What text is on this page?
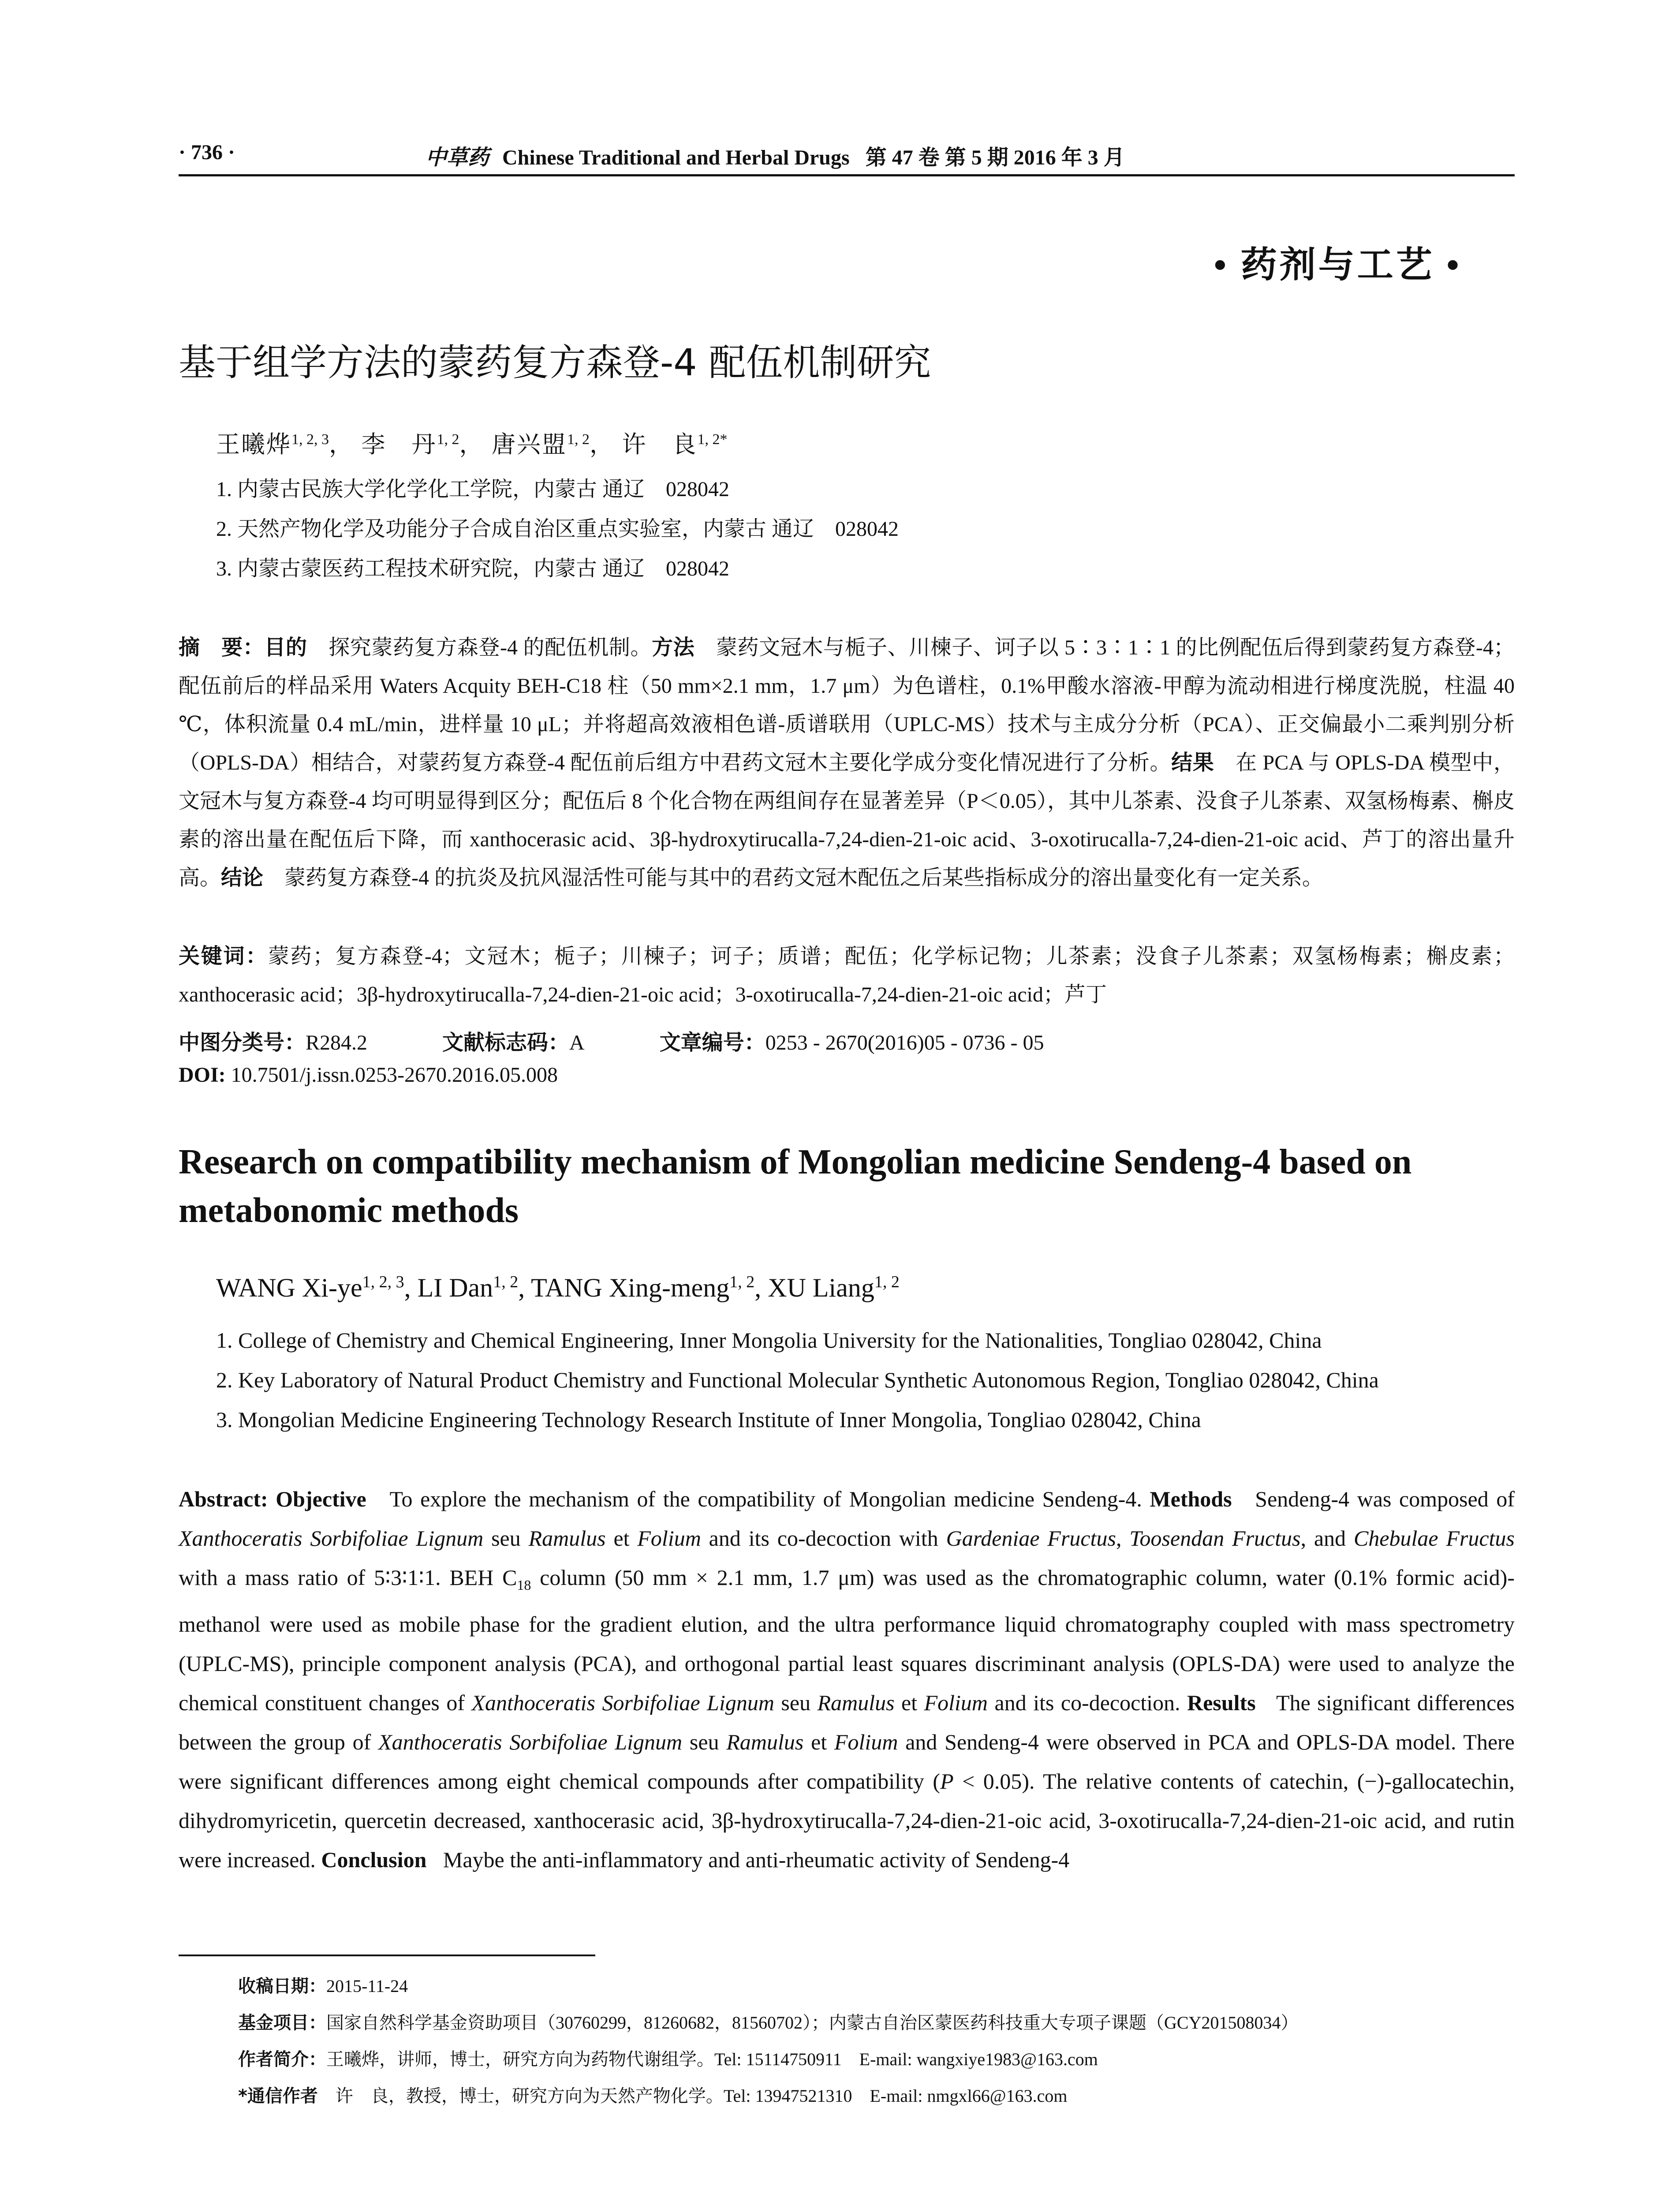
· 736 ·	中草药 Chinese Traditional and Herbal Drugs 第 47 卷 第 5 期 2016 年 3 月
• 药剂与工艺 •
基于组学方法的蒙药复方森登-4 配伍机制研究
王曦烨$^{1, 2, 3}$， 李　丹$^{1, 2}$， 唐兴盟$^{1, 2}$， 许　良$^{1, 2*}$
1. 内蒙古民族大学化学化工学院，内蒙古 通辽　028042
2. 天然产物化学及功能分子合成自治区重点实验室，内蒙古 通辽　028042
3. 内蒙古蒙医药工程技术研究院，内蒙古 通辽　028042

摘　要：目的　 探究蒙药复方森登-4 的配伍机制。方法　 蒙药文冠木与栀子、川楝子、诃子以 5∶3∶1∶1 的比例配伍后得到蒙药复方森登-4；配伍前后的样品采用 Waters Acquity BEH-C18 柱（50 mm×2.1 mm，1.7 μm）为色谱柱，0.1%甲酸水溶液-甲醇为流动相进行梯度洗脱，柱温 40 ℃，体积流量 0.4 mL/min，进样量 10 μL；并将超高效液相色谱-质谱联用（UPLC-MS）技术与主成分分析（PCA）、正交偏最小二乘判别分析（OPLS-DA）相结合，对蒙药复方森登-4 配伍前后组方中君药文冠木主要化学成分变化情况进行了分析。结果　 在 PCA 与 OPLS-DA 模型中，文冠木与复方森登-4 均可明显得到区分；配伍后 8 个化合物在两组间存在显著差异（P＜0.05），其中儿茶素、没食子儿茶素、双氢杨梅素、槲皮素的溶出量在配伍后下降，而 xanthocerasic acid、3β-hydroxytirucalla-7,24-dien-21-oic acid、3-oxotirucalla-7,24-dien-21-oic acid、芦丁的溶出量升高。结论　 蒙药复方森登-4 的抗炎及抗风湿活性可能与其中的君药文冠木配伍之后某些指标成分的溶出量变化有一定关系。

关键词：蒙药；复方森登-4；文冠木；栀子；川楝子；诃子；质谱；配伍；化学标记物；儿茶素；没食子儿茶素；双氢杨梅素；槲皮素；xanthocerasic acid；3β-hydroxytirucalla-7,24-dien-21-oic acid；3-oxotirucalla-7,24-dien-21-oic acid；芦丁

中图分类号：R284.2	文献标志码：A	文章编号：0253 - 2670(2016)05 - 0736 - 05
DOI: 10.7501/j.issn.0253-2670.2016.05.008
Research on compatibility mechanism of Mongolian medicine Sendeng-4 based on metabonomic methods
WANG Xi-ye$^{1, 2, 3}$, LI Dan$^{1, 2}$, TANG Xing-meng$^{1, 2}$, XU Liang$^{1, 2}$
1. College of Chemistry and Chemical Engineering, Inner Mongolia University for the Nationalities, Tongliao 028042, China
2. Key Laboratory of Natural Product Chemistry and Functional Molecular Synthetic Autonomous Region, Tongliao 028042, China
3. Mongolian Medicine Engineering Technology Research Institute of Inner Mongolia, Tongliao 028042, China
Abstract: Objective   To explore the mechanism of the compatibility of Mongolian medicine Sendeng-4. Methods   Sendeng-4 was composed of Xanthoceratis Sorbifoliae Lignum seu Ramulus et Folium and its co-decoction with Gardeniae Fructus, Toosendan Fructus, and Chebulae Fructus with a mass ratio of 5∶3∶1∶1. BEH $C_{18}$ column (50 mm × 2.1 mm, 1.7 μm) was used as the chromatographic column, water (0.1% formic acid)-methanol were used as mobile phase for the gradient elution, and the ultra performance liquid chromatography coupled with mass spectrometry (UPLC-MS), principle component analysis (PCA), and orthogonal partial least squares discriminant analysis (OPLS-DA) were used to analyze the chemical constituent changes of Xanthoceratis Sorbifoliae Lignum seu Ramulus et Folium and its co-decoction. Results   The significant differences between the group of Xanthoceratis Sorbifoliae Lignum seu Ramulus et Folium and Sendeng-4 were observed in PCA and OPLS-DA model. There were significant differences among eight chemical compounds after compatibility (P < 0.05). The relative contents of catechin, (−)-gallocatechin, dihydromyricetin, quercetin decreased, xanthocerasic acid, 3β-hydroxytirucalla-7,24-dien-21-oic acid, 3-oxotirucalla-7,24-dien-21-oic acid, and rutin were increased. Conclusion   Maybe the anti-inflammatory and anti-rheumatic activity of Sendeng-4
收稿日期：2015-11-24
基金项目：国家自然科学基金资助项目（30760299，81260682，81560702）；内蒙古自治区蒙医药科技重大专项子课题（GCY201508034）
作者简介：王曦烨，讲师，博士，研究方向为药物代谢组学。Tel: 15114750911　E-mail: wangxiye1983@163.com
*通信作者　 许　良，教授，博士，研究方向为天然产物化学。Tel: 13947521310　E-mail: nmgxl66@163.com
